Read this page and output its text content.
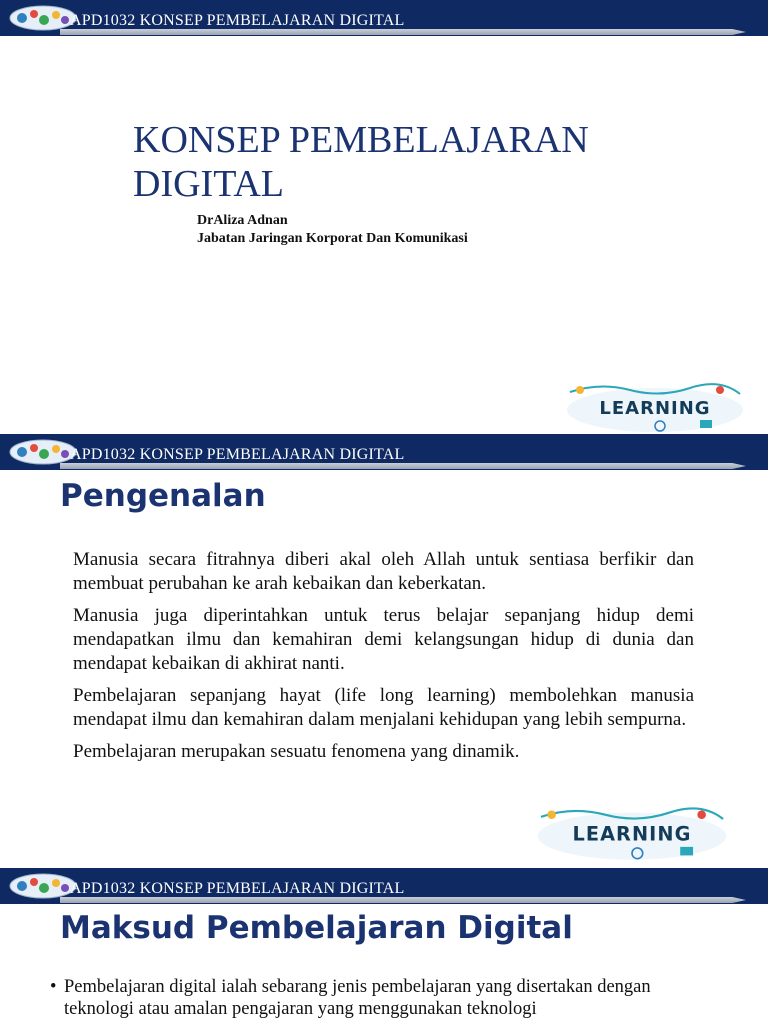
APD1032 KONSEP PEMBELAJARAN DIGITAL
KONSEP PEMBELAJARAN DIGITAL
DrAliza Adnan
Jabatan Jaringan Korporat Dan Komunikasi
LEARNING
APD1032 KONSEP PEMBELAJARAN DIGITAL
Pengenalan

Manusia secara fitrahnya diberi akal oleh Allah untuk sentiasa berfikir dan membuat perubahan ke arah kebaikan dan keberkatan.

Manusia juga diperintahkan untuk terus belajar sepanjang hidup demi mendapatkan ilmu dan kemahiran demi kelangsungan hidup di dunia dan mendapat kebaikan di akhirat nanti.

Pembelajaran sepanjang hayat (life long learning) membolehkan manusia mendapat ilmu dan kemahiran dalam menjalani kehidupan yang lebih sempurna.

Pembelajaran merupakan sesuatu fenomena yang dinamik.

LEARNING
APD1032 KONSEP PEMBELAJARAN DIGITAL
Maksud Pembelajaran Digital
• Pembelajaran digital ialah sebarang jenis pembelajaran yang disertakan dengan teknologi atau amalan pengajaran yang menggunakan teknologi
